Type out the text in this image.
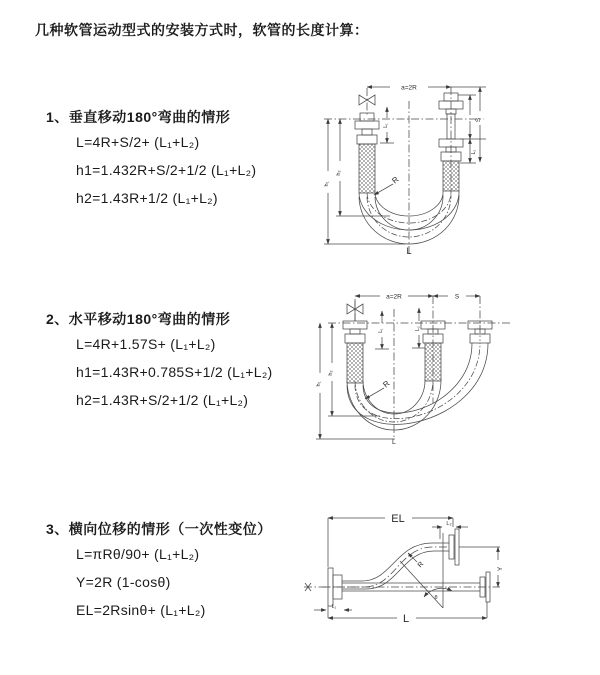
几种软管运动型式的安装方式时，软管的长度计算：
1、垂直移动180°弯曲的情形
L=4R+S/2+ (L₁+L₂)
h1=1.432R+S/2+1/2 (L₁+L₂)
h2=1.43R+1/2 (L₁+L₂)
2、水平移动180°弯曲的情形
L=4R+1.57S+ (L₁+L₂)
h1=1.43R+0.785S+1/2 (L₁+L₂)
h2=1.43R+S/2+1/2 (L₁+L₂)
3、横向位移的情形（一次性变位）
L=πRθ/90+ (L₁+L₂)
Y=2R (1-cosθ)
EL=2Rsinθ+ (L₁+L₂)
a=2R
S
L₂
L₁
h₁
h₂
R
L
a=2R	S
L₁	L₂
h₁
h₂
R
L
EL	L₂
Y
R
θ
L
L₁
